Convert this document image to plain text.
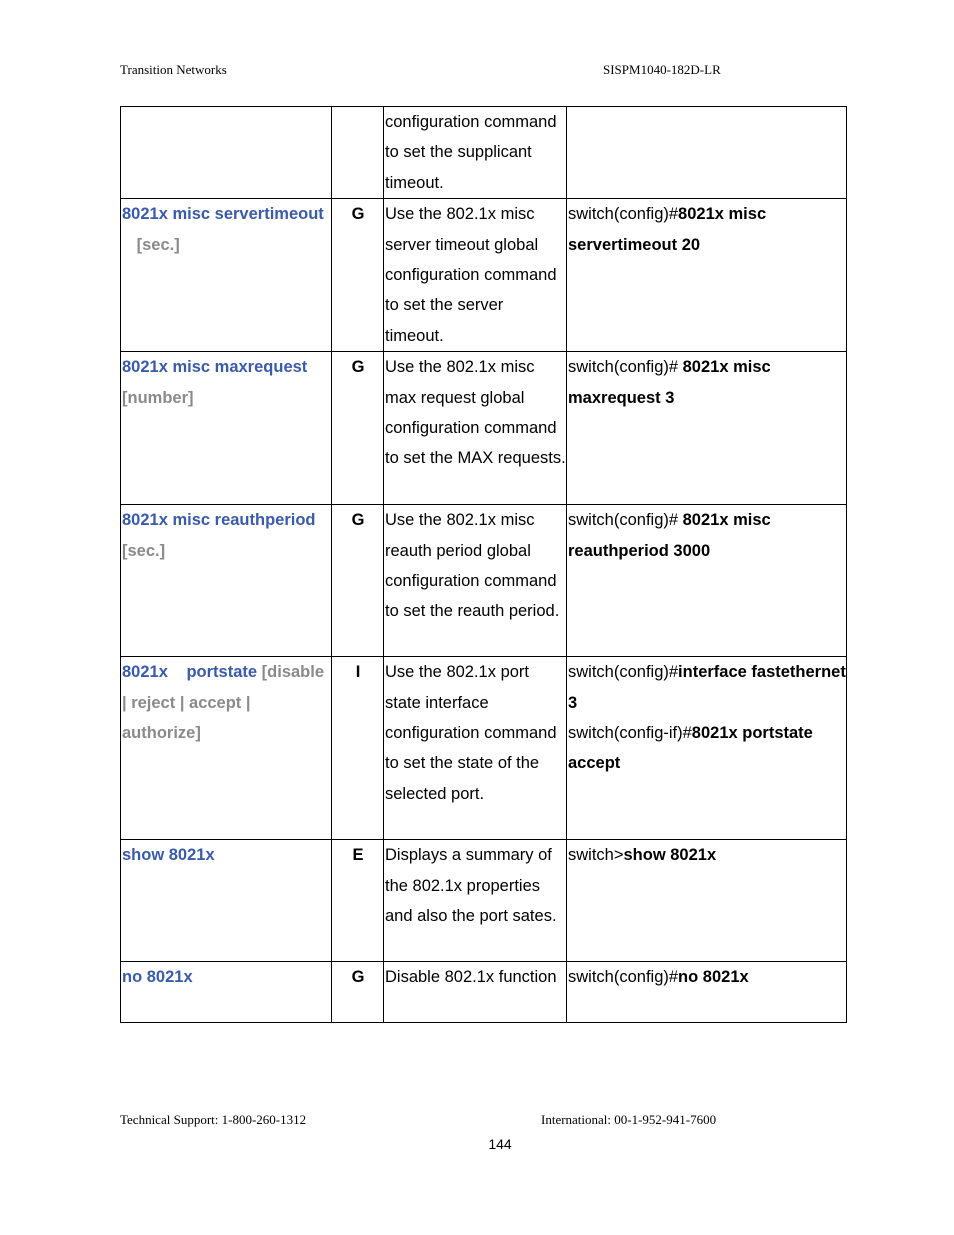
Transition Networks	SISPM1040-182D-LR
		configuration command to set the supplicant timeout.	
8021x misc servertimeout  [sec.]	G	Use the 802.1x misc server timeout global configuration command to set the server timeout.	switch(config)#8021x misc servertimeout 20
8021x misc maxrequest [number]	G	Use the 802.1x misc max request global configuration command to set the MAX requests.	switch(config)# 8021x misc maxrequest 3
8021x misc reauthperiod [sec.]	G	Use the 802.1x misc reauth period global configuration command to set the reauth period.	switch(config)# 8021x misc reauthperiod 3000
8021x portstate [disable | reject | accept | authorize]	I	Use the 802.1x port state interface configuration command to set the state of the selected port.	switch(config)#interface fastethernet 3
switch(config-if)#8021x portstate accept
show 8021x	E	Displays a summary of the 802.1x properties and also the port sates.	switch>show 8021x
no 8021x	G	Disable 802.1x function	switch(config)#no 8021x
Technical Support: 1-800-260-1312	International: 00-1-952-941-7600
144
